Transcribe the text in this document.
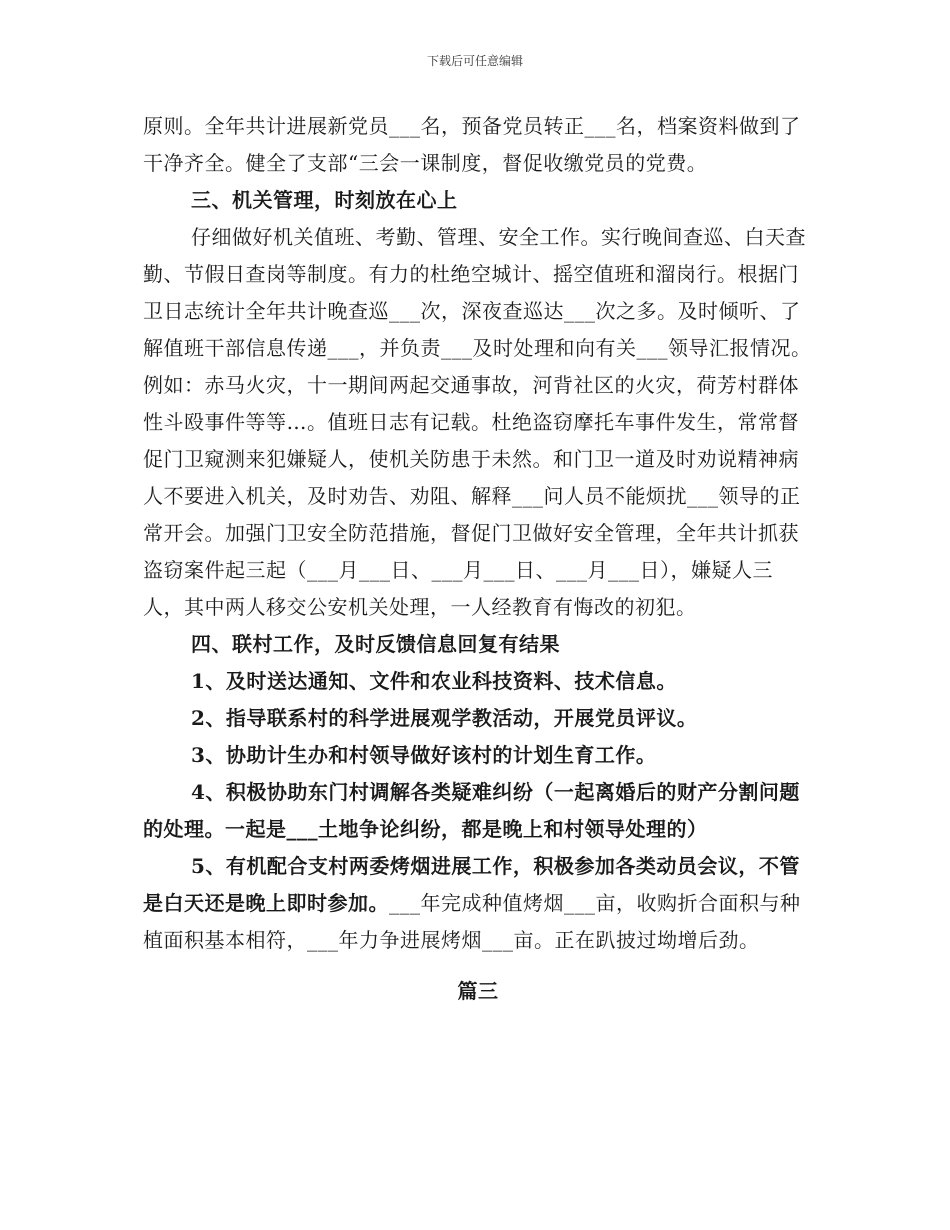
下载后可任意编辑

原则。全年共计进展新党员___名，预备党员转正___名，档案资料做到了干净齐全。健全了支部“三会一课制度，督促收缴党员的党费。

三、机关管理，时刻放在心上

仔细做好机关值班、考勤、管理、安全工作。实行晚间查巡、白天查勤、节假日查岗等制度。有力的杜绝空城计、摇空值班和溜岗行。根据门卫日志统计全年共计晚查巡___次，深夜查巡达___次之多。及时倾听、了解值班干部信息传递___，并负责___及时处理和向有关___领导汇报情况。例如：赤马火灾，十一期间两起交通事故，河背社区的火灾，荷芳村群体性斗殴事件等等…。值班日志有记载。杜绝盗窃摩托车事件发生，常常督促门卫窥测来犯嫌疑人，使机关防患于未然。和门卫一道及时劝说精神病人不要进入机关，及时劝告、劝阻、解释___问人员不能烦扰___领导的正常开会。加强门卫安全防范措施，督促门卫做好安全管理，全年共计抓获盗窃案件起三起（___月___日、___月___日、___月___日），嫌疑人三人，其中两人移交公安机关处理，一人经教育有悔改的初犯。

四、联村工作，及时反馈信息回复有结果

1、及时送达通知、文件和农业科技资料、技术信息。

2、指导联系村的科学进展观学教活动，开展党员评议。

3、协助计生办和村领导做好该村的计划生育工作。

4、积极协助东门村调解各类疑难纠纷（一起离婚后的财产分割问题的处理。一起是___土地争论纠纷，都是晚上和村领导处理的）

5、有机配合支村两委烤烟进展工作，积极参加各类动员会议，不管是白天还是晚上即时参加。___年完成种值烤烟___亩，收购折合面积与种植面积基本相符，___年力争进展烤烟___亩。正在趴披过坳增后劲。

篇三
